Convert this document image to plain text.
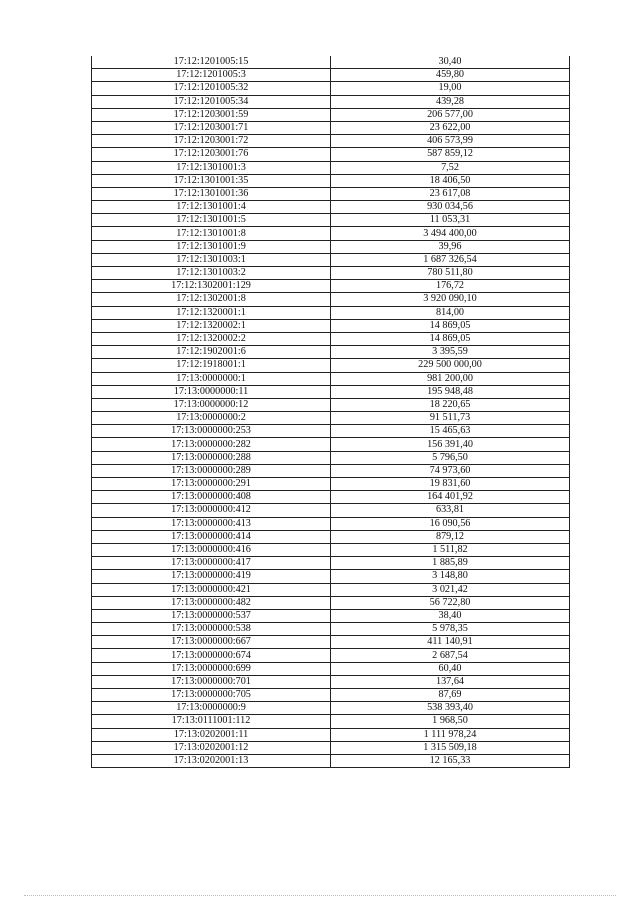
17:12:1201005:15	30,40
17:12:1201005:3	459,80
17:12:1201005:32	19,00
17:12:1201005:34	439,28
17:12:1203001:59	206 577,00
17:12:1203001:71	23 622,00
17:12:1203001:72	406 573,99
17:12:1203001:76	587 859,12
17:12:1301001:3	7,52
17:12:1301001:35	18 406,50
17:12:1301001:36	23 617,08
17:12:1301001:4	930 034,56
17:12:1301001:5	11 053,31
17:12:1301001:8	3 494 400,00
17:12:1301001:9	39,96
17:12:1301003:1	1 687 326,54
17:12:1301003:2	780 511,80
17:12:1302001:129	176,72
17:12:1302001:8	3 920 090,10
17:12:1320001:1	814,00
17:12:1320002:1	14 869,05
17:12:1320002:2	14 869,05
17:12:1902001:6	3 395,59
17:12:1918001:1	229 500 000,00
17:13:0000000:1	981 200,00
17:13:0000000:11	195 948,48
17:13:0000000:12	18 220,65
17:13:0000000:2	91 511,73
17:13:0000000:253	15 465,63
17:13:0000000:282	156 391,40
17:13:0000000:288	5 796,50
17:13:0000000:289	74 973,60
17:13:0000000:291	19 831,60
17:13:0000000:408	164 401,92
17:13:0000000:412	633,81
17:13:0000000:413	16 090,56
17:13:0000000:414	879,12
17:13:0000000:416	1 511,82
17:13:0000000:417	1 885,89
17:13:0000000:419	3 148,80
17:13:0000000:421	3 021,42
17:13:0000000:482	56 722,80
17:13:0000000:537	38,40
17:13:0000000:538	5 978,35
17:13:0000000:667	411 140,91
17:13:0000000:674	2 687,54
17:13:0000000:699	60,40
17:13:0000000:701	137,64
17:13:0000000:705	87,69
17:13:0000000:9	538 393,40
17:13:0111001:112	1 968,50
17:13:0202001:11	1 111 978,24
17:13:0202001:12	1 315 509,18
17:13:0202001:13	12 165,33
